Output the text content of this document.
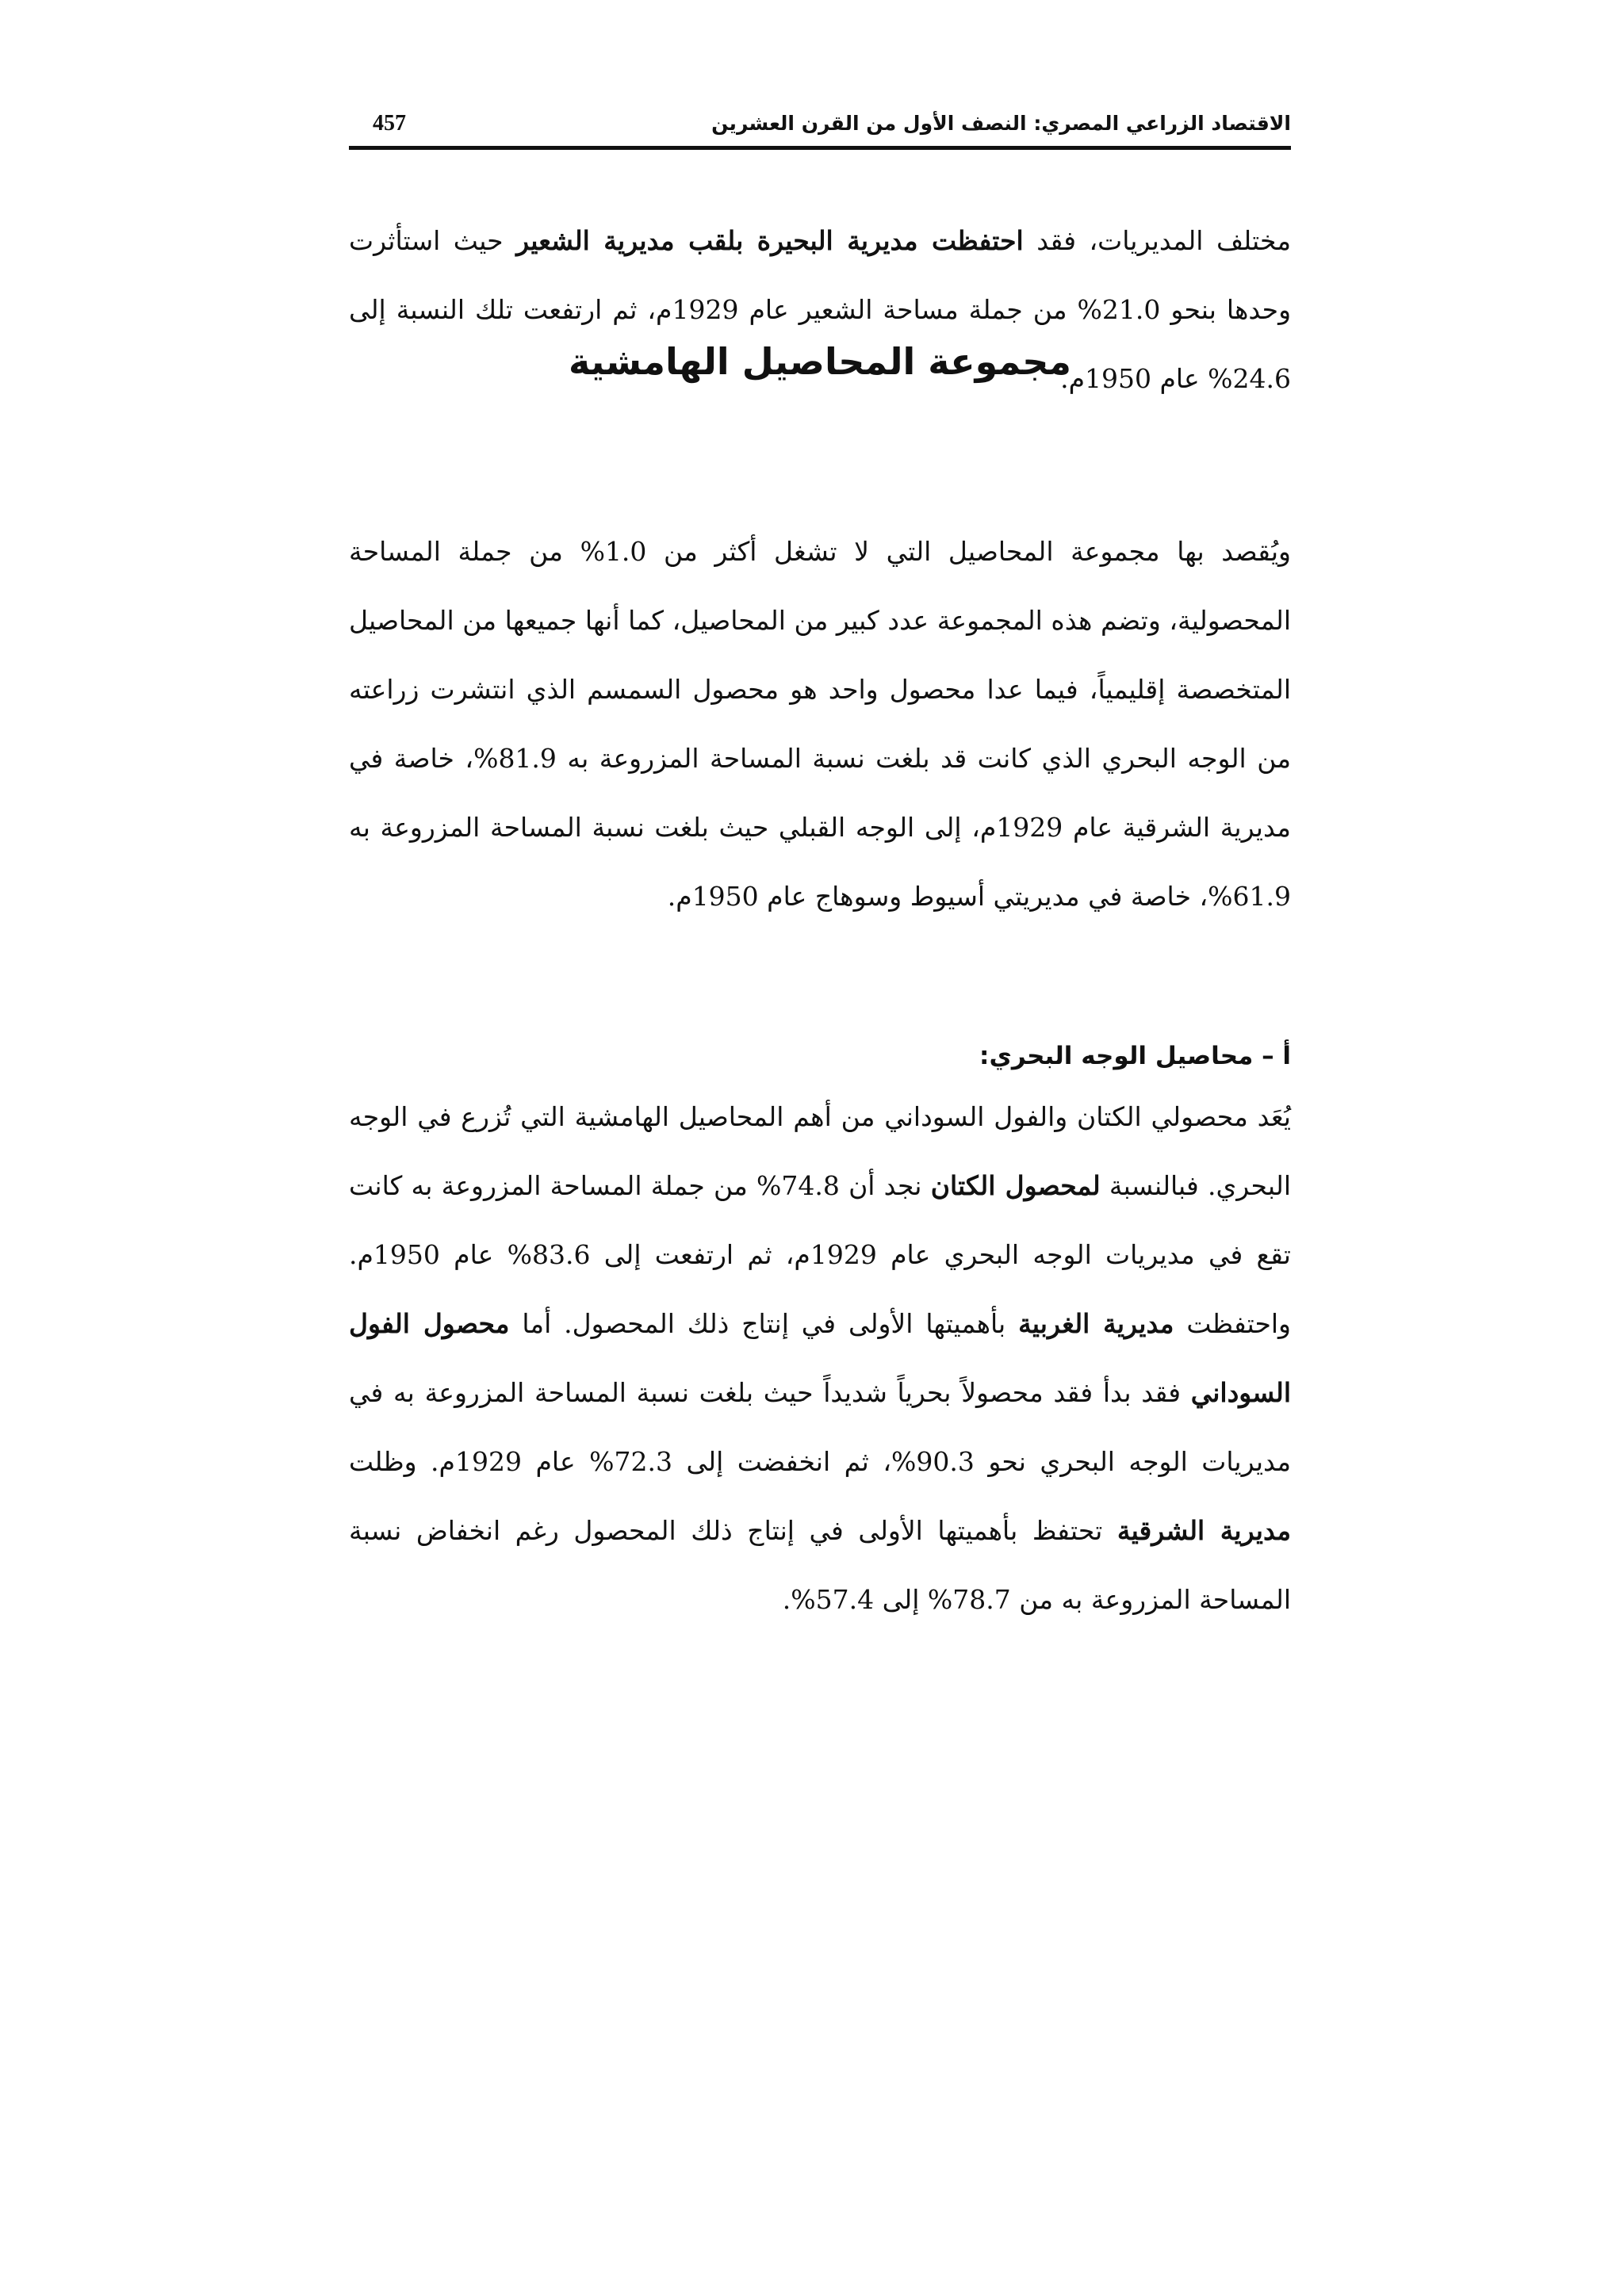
الاقتصاد الزراعي المصري: النصف الأول من القرن العشرين
457

مختلف المديريات، فقد احتفظت مديرية البحيرة بلقب مديرية الشعير حيث استأثرت وحدها بنحو 21.0% من جملة مساحة الشعير عام 1929م، ثم ارتفعت تلك النسبة إلى 24.6% عام 1950م.

مجموعة المحاصيل الهامشية

ويُقصد بها مجموعة المحاصيل التي لا تشغل أكثر من 1.0% من جملة المساحة المحصولية، وتضم هذه المجموعة عدد كبير من المحاصيل، كما أنها جميعها من المحاصيل المتخصصة إقليمياً، فيما عدا محصول واحد هو محصول السمسم الذي انتشرت زراعته من الوجه البحري الذي كانت قد بلغت نسبة المساحة المزروعة به 81.9%، خاصة في مديرية الشرقية عام 1929م، إلى الوجه القبلي حيث بلغت نسبة المساحة المزروعة به 61.9%، خاصة في مديريتي أسيوط وسوهاج عام 1950م.

أ – محاصيل الوجه البحري:

يُعَد محصولي الكتان والفول السوداني من أهم المحاصيل الهامشية التي تُزرع في الوجه البحري. فبالنسبة لمحصول الكتان نجد أن 74.8% من جملة المساحة المزروعة به كانت تقع في مديريات الوجه البحري عام 1929م، ثم ارتفعت إلى 83.6% عام 1950م. واحتفظت مديرية الغربية بأهميتها الأولى في إنتاج ذلك المحصول. أما محصول الفول السوداني فقد بدأ فقد محصولاً بحرياً شديداً حيث بلغت نسبة المساحة المزروعة به في مديريات الوجه البحري نحو 90.3%، ثم انخفضت إلى 72.3% عام 1929م. وظلت مديرية الشرقية تحتفظ بأهميتها الأولى في إنتاج ذلك المحصول رغم انخفاض نسبة المساحة المزروعة به من 78.7% إلى 57.4%.
